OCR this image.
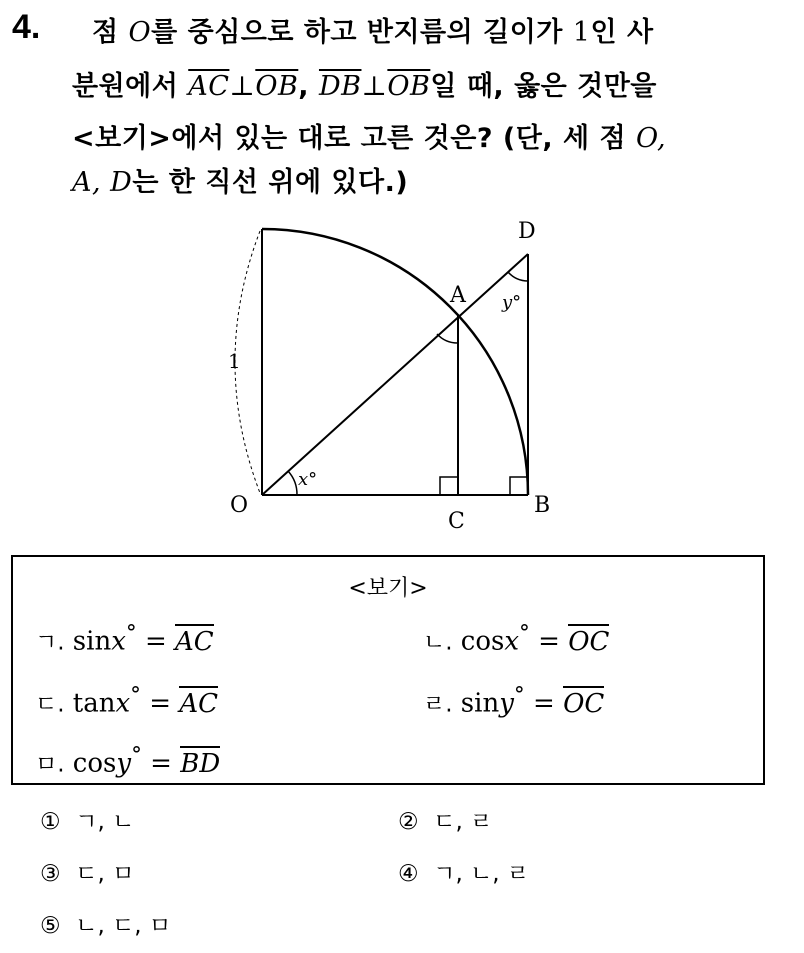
4. 점 O를 중심으로 하고 반지름의 길이가 1인 사
분원에서 $\overline{AC}\perp\overline{OB}$, $\overline{DB}\perp\overline{OB}$일 때, 옳은 것만을
<보기>에서 있는 대로 고른 것은? (단, 세 점 O,
A, D는 한 직선 위에 있다.)
D
A
O
C
B
1
x°
y°
<보기>
ㄱ. sinx° = AC	ㄴ. cosx° = OC
ㄷ. tanx° = AC	ㄹ. siny° = OC
ㅁ. cosy° = BD
① ㄱ, ㄴ	② ㄷ, ㄹ
③ ㄷ, ㅁ	④ ㄱ, ㄴ, ㄹ
⑤ ㄴ, ㄷ, ㅁ
